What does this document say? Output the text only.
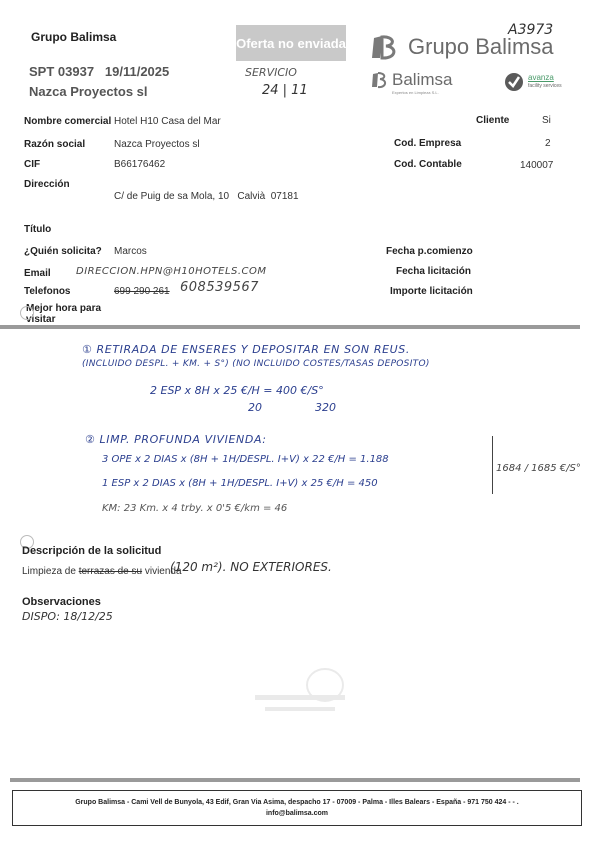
Grupo Balimsa	Oferta no enviada
SPT 03937 19/11/2025
Nazca Proyectos sl
SERVICIO
24 | 11
A3973
Grupo Balimsa
Balimsa
Expertos en Limpieza S.L.
avanza
facility services
Nombre comercial Hotel H10 Casa del Mar	Cliente	Si
Razón social	Nazca Proyectos sl	Cod. Empresa	2
CIF	B66176462	Cod. Contable	140007
Dirección
C/ de Puig de sa Mola, 10   Calvià  07181
Título
¿Quién solicita? Marcos	Fecha p.comienzo
Email	DIRECCION.HPN@H10HOTELS.COM	Fecha licitación
Telefonos	699 290 261 608539567	Importe licitación
Mejor hora para visitar
① RETIRADA DE ENSERES Y DEPOSITAR EN SON REUS.
(INCLUIDO DESPL. + KM. + S°) (NO INCLUIDO COSTES/TASAS DEPOSITO)
2 ESP x 8H x 25 €/H = 400 €/S°
20	320
② LIMP. PROFUNDA VIVIENDA:
3 OPE x 2 DIAS x (8H + 1H/DESPL. I+V) x 22 €/H = 1.188
1 ESP x 2 DIAS x (8H + 1H/DESPL. I+V) x 25 €/H = 450
KM: 23 Km. x 4 trby. x 0'5 €/km = 46
1684 / 1685 €/S°
Descripción de la solicitud
Limpieza de terrazas de su vivienda
(120 m²). NO EXTERIORES.
Observaciones
DISPO: 18/12/25
Grupo Balimsa - Cami Vell de Bunyola, 43 Edif, Gran Via Asima, despacho 17 - 07009 - Palma - Illes Balears - España - 971 750 424 - - .
info@balimsa.com
